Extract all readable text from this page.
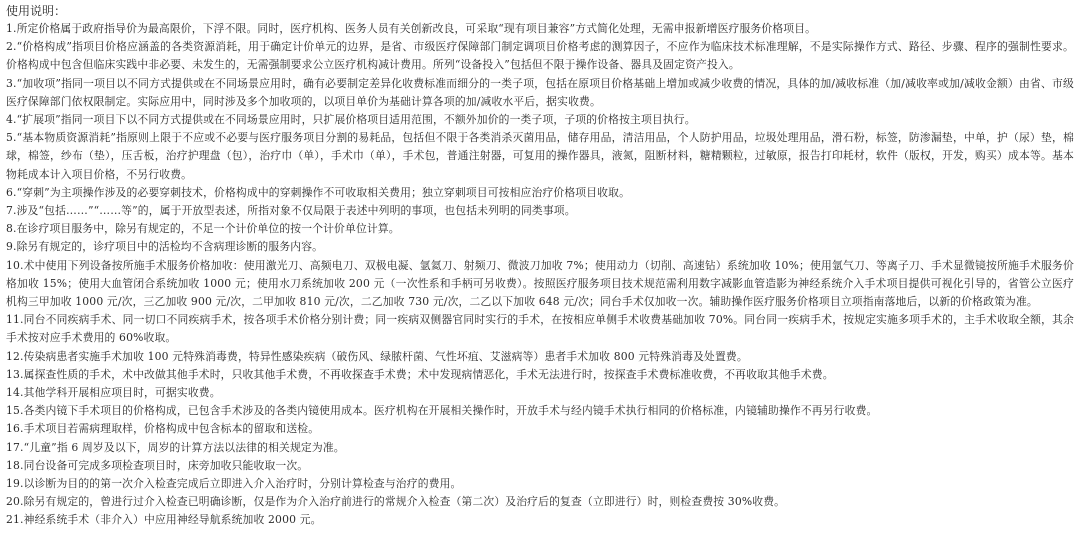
使用说明：

1.所定价格属于政府指导价为最高限价，下浮不限。同时，医疗机构、医务人员有关创新改良，可采取“现有项目兼容”方式简化处理，无需申报新增医疗服务价格项目。
2.“价格构成”指项目价格应涵盖的各类资源消耗，用于确定计价单元的边界，是省、市级医疗保障部门制定调项目价格考虑的测算因子，不应作为临床技术标准理解，不是实际操作方式、路径、步骤、程序的强制性要求。价格构成中包含但临床实践中非必要、未发生的，无需强制要求公立医疗机构减计费用。所列“设备投入”包括但不限于操作设备、器具及固定资产投入。
3.“加收项”指同一项目以不同方式提供或在不同场景应用时，确有必要制定差异化收费标准而细分的一类子项，包括在原项目价格基础上增加或减少收费的情况，具体的加/减收标准（加/减收率或加/减收金额）由省、市级医疗保障部门依权限制定。实际应用中，同时涉及多个加收项的，以项目单价为基础计算各项的加/减收水平后，据实收费。
4.“扩展项”指同一项目下以不同方式提供或在不同场景应用时，只扩展价格项目适用范围，不额外加价的一类子项，子项的价格按主项目执行。
5.“基本物质资源消耗”指原则上限于不应或不必要与医疗服务项目分割的易耗品，包括但不限于各类消杀灭菌用品，储存用品，清洁用品，个人防护用品，垃圾处理用品，滑石粉，标签，防渗漏垫，中单，护（尿）垫，棉球，棉签，纱布（垫），压舌板，治疗护理盘（包），治疗巾（单），手术巾（单），手术包，普通注射器，可复用的操作器具，液氮，阻断材料，糖精颗粒，过敏原，报告打印耗材，软件（版权，开发，购买）成本等。基本物耗成本计入项目价格，不另行收费。
6.“穿刺”为主项操作涉及的必要穿刺技术，价格构成中的穿刺操作不可收取相关费用；独立穿刺项目可按相应治疗价格项目收取。
7.涉及“包括……”“……等”的，属于开放型表述，所指对象不仅局限于表述中列明的事项，也包括未列明的同类事项。
8.在诊疗项目服务中，除另有规定的，不足一个计价单位的按一个计价单位计算。
9.除另有规定的，诊疗项目中的活检均不含病理诊断的服务内容。
10.术中使用下列设备按所施手术服务价格加收：使用激光刀、高频电刀、双极电凝、氩氦刀、射频刀、微波刀加收 7%；使用动力（切削、高速钻）系统加收 10%；使用氩气刀、等离子刀、手术显微镜按所施手术服务价格加收 15%；使用大血管闭合系统加收 1000 元；使用水刀系统加收 200 元（一次性系和手柄可另收费）。按照医疗服务项目技术规范需利用数字减影血管造影为神经系统介入手术项目提供可视化引导的，省管公立医疗机构三甲加收 1000 元/次，三乙加收 900 元/次，二甲加收 810 元/次，二乙加收 730 元/次，二乙以下加收 648 元/次；同台手术仅加收一次。辅助操作医疗服务价格项目立项指南落地后，以新的价格政策为准。
11.同台不同疾病手术、同一切口不同疾病手术，按各项手术价格分别计费；同一疾病双侧器官同时实行的手术，在按相应单侧手术收费基础加收 70%。同台同一疾病手术，按规定实施多项手术的，主手术收取全额，其余手术按对应手术费用的 60%收取。
12.传染病患者实施手术加收 100 元特殊消毒费，特异性感染疾病（破伤风、绿脓杆菌、气性坏疽、艾滋病等）患者手术加收 800 元特殊消毒及处置费。
13.属探查性质的手术，术中改做其他手术时，只收其他手术费，不再收探查手术费；术中发现病情恶化，手术无法进行时，按探查手术费标准收费，不再收取其他手术费。
14.其他学科开展相应项目时，可据实收费。
15.各类内镜下手术项目的价格构成，已包含手术涉及的各类内镜使用成本。医疗机构在开展相关操作时，开放手术与经内镜手术执行相同的价格标准，内镜辅助操作不再另行收费。
16.手术项目若需病理取样，价格构成中包含标本的留取和送检。
17.“儿童”指 6 周岁及以下，周岁的计算方法以法律的相关规定为准。
18.同台设备可完成多项检查项目时，床旁加收只能收取一次。
19.以诊断为目的的第一次介入检查完成后立即进入介入治疗时，分别计算检查与治疗的费用。
20.除另有规定的，曾进行过介入检查已明确诊断，仅是作为介入治疗前进行的常规介入检查（第二次）及治疗后的复查（立即进行）时，则检查费按 30%收费。
21.神经系统手术（非介入）中应用神经导航系统加收 2000 元。
